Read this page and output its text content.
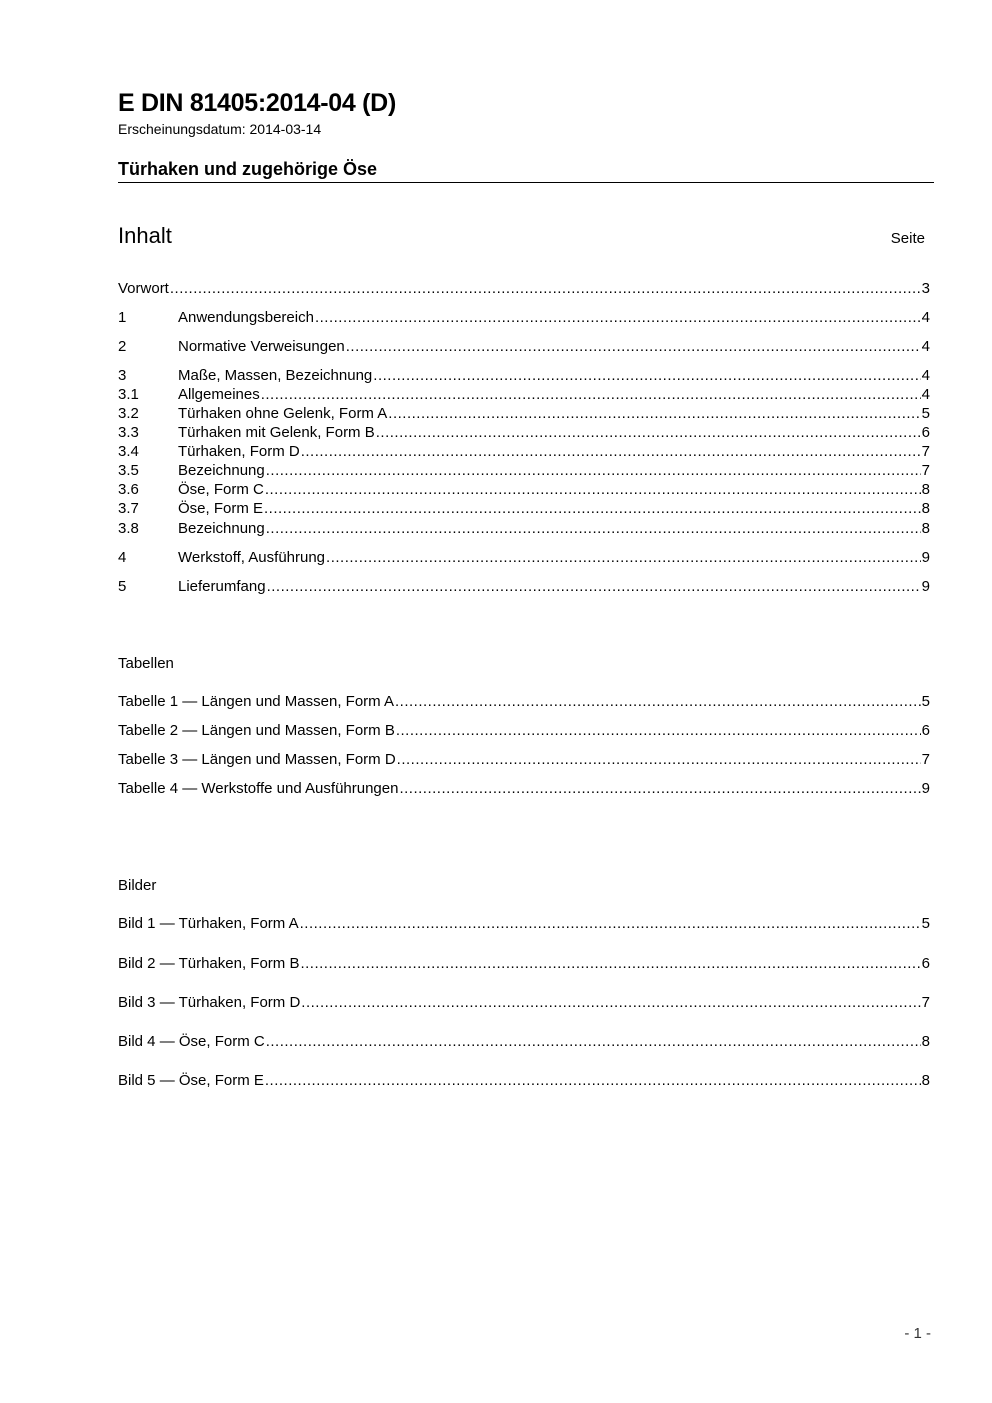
E DIN 81405:2014-04 (D)
Erscheinungsdatum: 2014-03-14
Türhaken und zugehörige Öse
Inhalt	Seite
Vorwort .....	3
1	Anwendungsbereich .....	4
2	Normative Verweisungen .....	4
3	Maße, Massen, Bezeichnung .....	4
3.1	Allgemeines .....	4
3.2	Türhaken ohne Gelenk, Form A .....	5
3.3	Türhaken mit Gelenk, Form B .....	6
3.4	Türhaken, Form D .....	7
3.5	Bezeichnung .....	7
3.6	Öse, Form C .....	8
3.7	Öse, Form E .....	8
3.8	Bezeichnung .....	8
4	Werkstoff, Ausführung .....	9
5	Lieferumfang .....	9
Tabellen
Tabelle 1 — Längen und Massen, Form A .....	5
Tabelle 2 — Längen und Massen, Form B .....	6
Tabelle 3 — Längen und Massen, Form D .....	7
Tabelle 4 — Werkstoffe und Ausführungen .....	9
Bilder
Bild 1 — Türhaken, Form A .....	5
Bild 2 — Türhaken, Form B .....	6
Bild 3 — Türhaken, Form D .....	7
Bild 4 — Öse, Form C .....	8
Bild 5 — Öse, Form E .....	8
- 1 -
